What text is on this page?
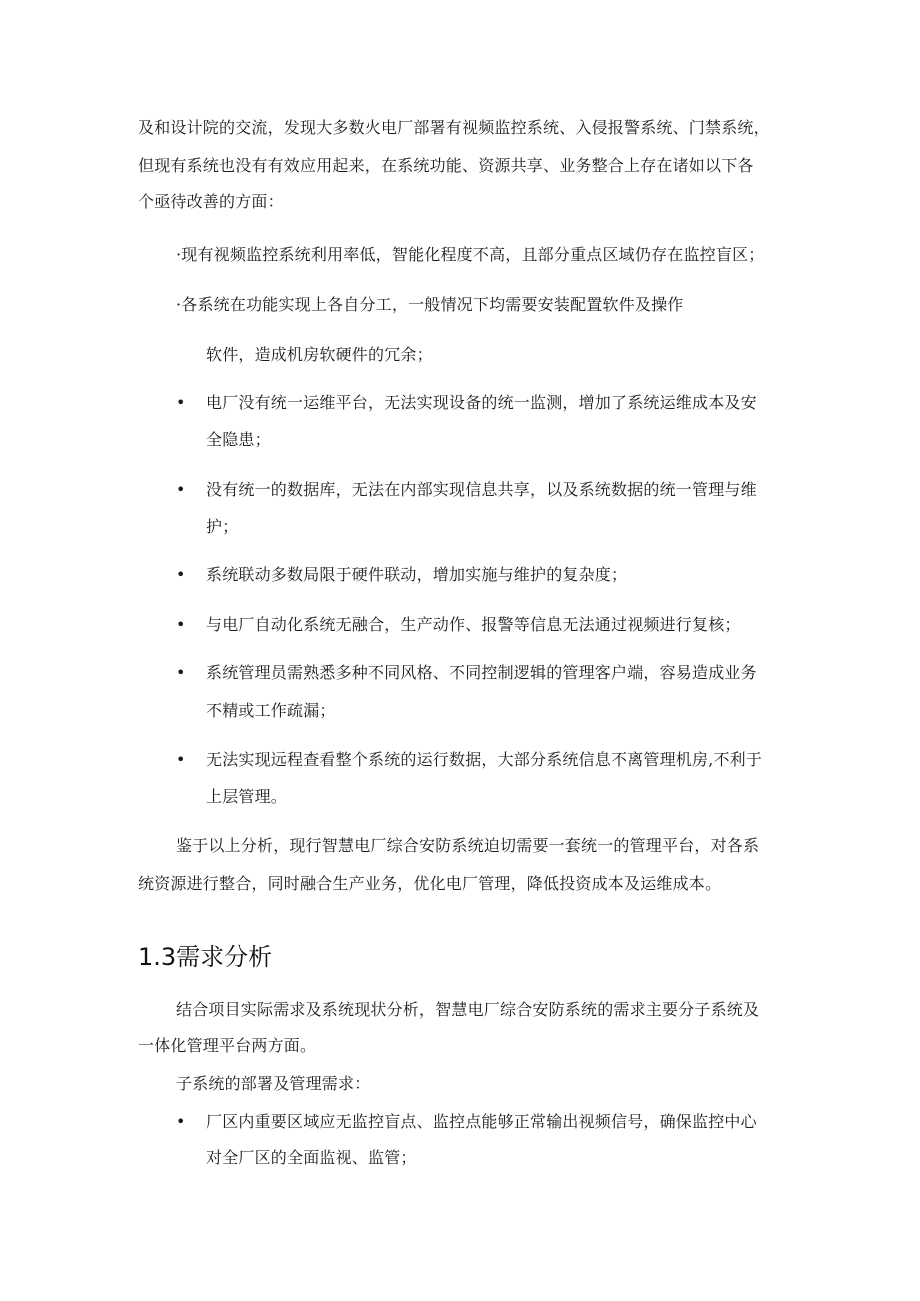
及和设计院的交流，发现大多数火电厂部署有视频监控系统、入侵报警系统、门禁系统，
但现有系统也没有有效应用起来，在系统功能、资源共享、业务整合上存在诸如以下各
个亟待改善的方面：
·现有视频监控系统利用率低，智能化程度不高，且部分重点区域仍存在监控盲区；
·各系统在功能实现上各自分工，一般情况下均需要安装配置软件及操作
软件，造成机房软硬件的冗余；
• 电厂没有统一运维平台，无法实现设备的统一监测，增加了系统运维成本及安
全隐患；
• 没有统一的数据库，无法在内部实现信息共享，以及系统数据的统一管理与维
护；
• 系统联动多数局限于硬件联动，增加实施与维护的复杂度；
• 与电厂自动化系统无融合，生产动作、报警等信息无法通过视频进行复核；
• 系统管理员需熟悉多种不同风格、不同控制逻辑的管理客户端，容易造成业务
不精或工作疏漏；
• 无法实现远程查看整个系统的运行数据，大部分系统信息不离管理机房,不利于
上层管理。
鉴于以上分析，现行智慧电厂综合安防系统迫切需要一套统一的管理平台，对各系
统资源进行整合，同时融合生产业务，优化电厂管理，降低投资成本及运维成本。
1.3需求分析
结合项目实际需求及系统现状分析，智慧电厂综合安防系统的需求主要分子系统及
一体化管理平台两方面。
子系统的部署及管理需求：
• 厂区内重要区域应无监控盲点、监控点能够正常输出视频信号，确保监控中心
对全厂区的全面监视、监管；
